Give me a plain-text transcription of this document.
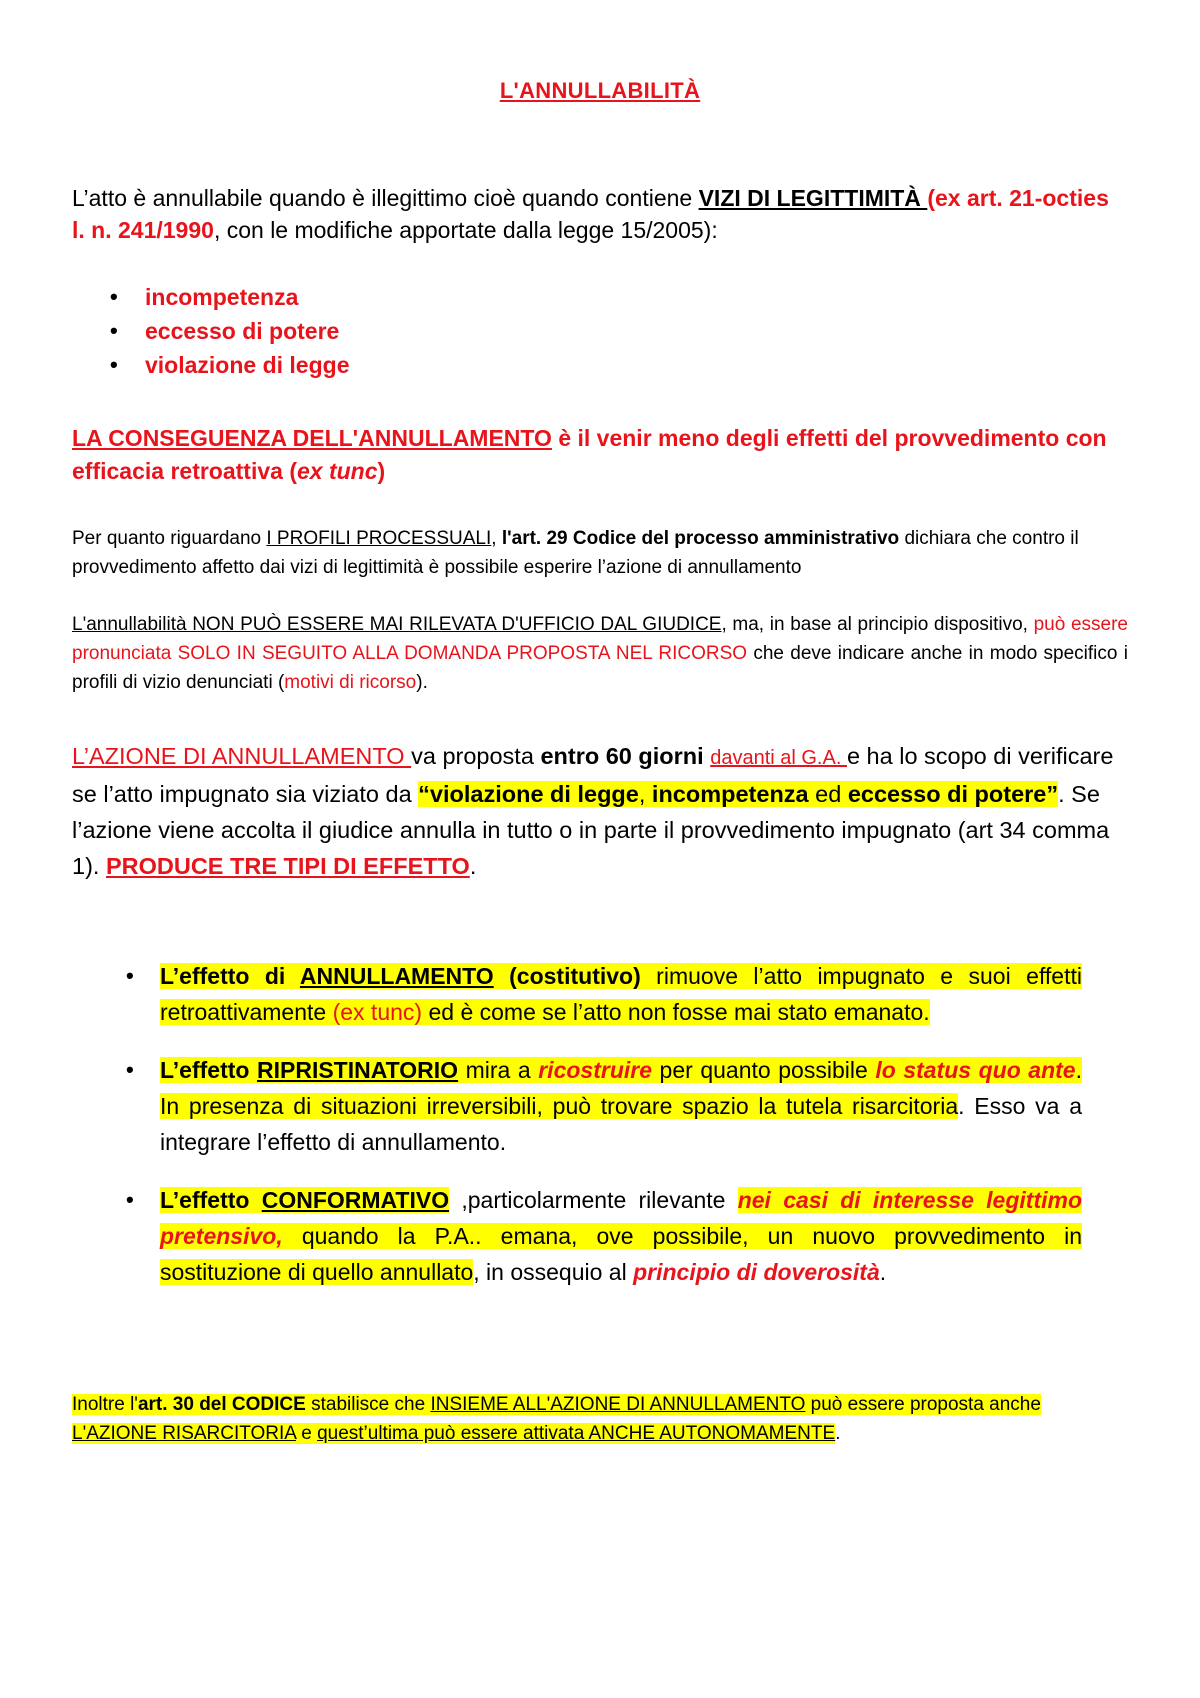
L'ANNULLABILITÀ

L’atto è annullabile quando è illegittimo cioè quando contiene VIZI DI LEGITTIMITÀ (ex art. 21-octies l. n. 241/1990, con le modifiche apportate dalla legge 15/2005):

• incompetenza
• eccesso di potere
• violazione di legge

LA CONSEGUENZA DELL'ANNULLAMENTO è il venir meno degli effetti del provvedimento con efficacia retroattiva (ex tunc)

Per quanto riguardano I PROFILI PROCESSUALI, l'art. 29 Codice del processo amministrativo dichiara che contro il provvedimento affetto dai vizi di legittimità è possibile esperire l’azione di annullamento

L'annullabilità NON PUÒ ESSERE MAI RILEVATA D'UFFICIO DAL GIUDICE, ma, in base al principio dispositivo, può essere pronunciata SOLO IN SEGUITO ALLA DOMANDA PROPOSTA NEL RICORSO che deve indicare anche in modo specifico i profili di vizio denunciati (motivi di ricorso).

L’AZIONE DI ANNULLAMENTO va proposta entro 60 giorni davanti al G.A. e ha lo scopo di verificare se l’atto impugnato sia viziato da “violazione di legge, incompetenza ed eccesso di potere”. Se l’azione viene accolta il giudice annulla in tutto o in parte il provvedimento impugnato (art 34 comma 1). PRODUCE TRE TIPI DI EFFETTO.

• L’effetto di ANNULLAMENTO (costitutivo) rimuove l’atto impugnato e suoi effetti retroattivamente (ex tunc) ed è come se l’atto non fosse mai stato emanato.
• L’effetto RIPRISTINATORIO mira a ricostruire per quanto possibile lo status quo ante. In presenza di situazioni irreversibili, può trovare spazio la tutela risarcitoria. Esso va a integrare l’effetto di annullamento.
• L’effetto CONFORMATIVO ,particolarmente rilevante nei casi di interesse legittimo pretensivo, quando la P.A.. emana, ove possibile, un nuovo provvedimento in sostituzione di quello annullato, in ossequio al principio di doverosità.

Inoltre l'art. 30 del CODICE stabilisce che INSIEME ALL'AZIONE DI ANNULLAMENTO può essere proposta anche L'AZIONE RISARCITORIA e quest’ultima può essere attivata ANCHE AUTONOMAMENTE.
